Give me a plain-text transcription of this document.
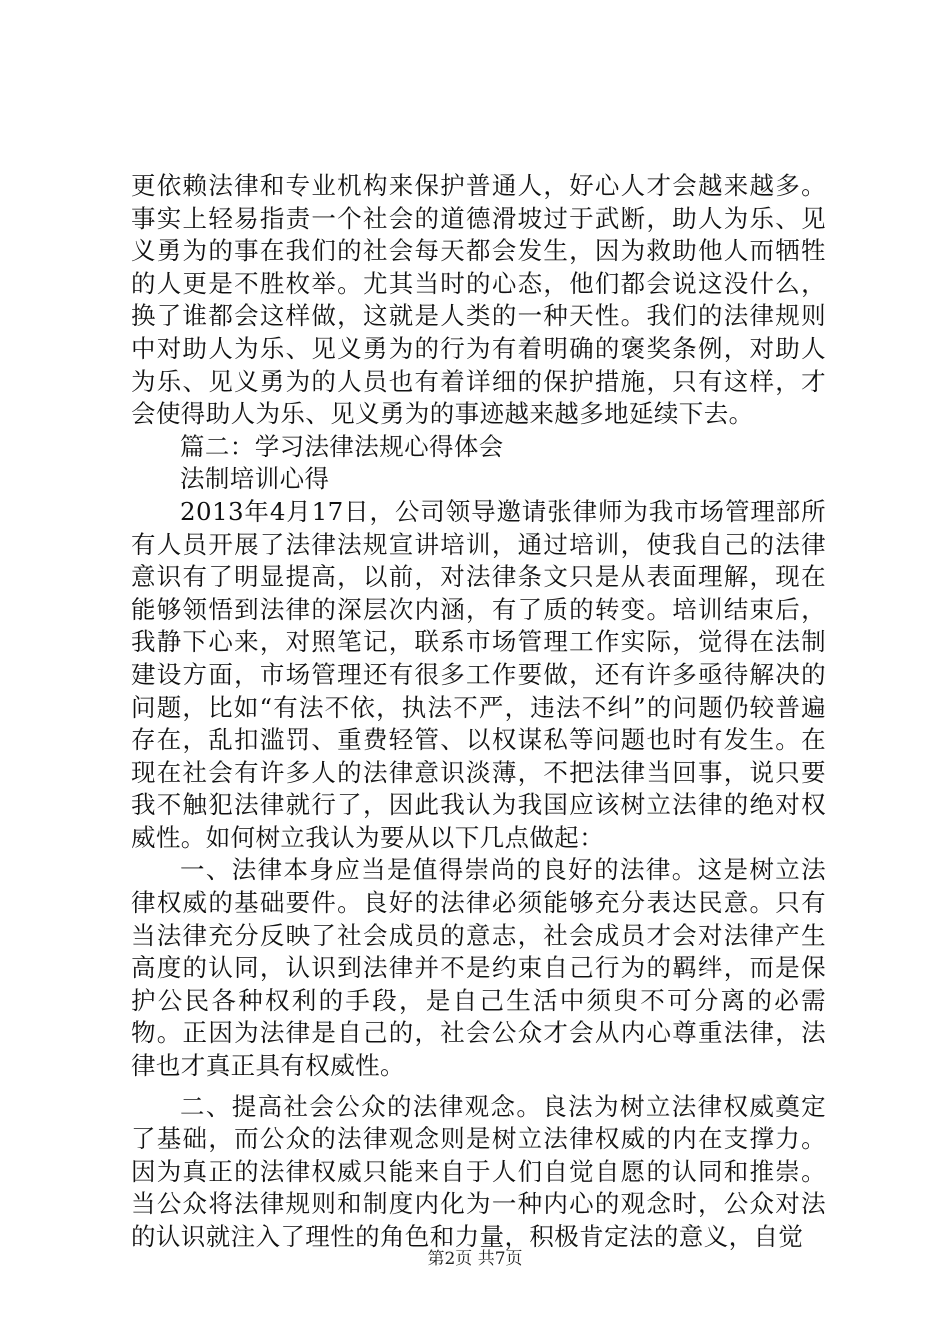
更依赖法律和专业机构来保护普通人，好心人才会越来越多。事实上轻易指责一个社会的道德滑坡过于武断，助人为乐、见义勇为的事在我们的社会每天都会发生，因为救助他人而牺牲的人更是不胜枚举。尤其当时的心态，他们都会说这没什么，换了谁都会这样做，这就是人类的一种天性。我们的法律规则中对助人为乐、见义勇为的行为有着明确的褒奖条例，对助人为乐、见义勇为的人员也有着详细的保护措施，只有这样，才会使得助人为乐、见义勇为的事迹越来越多地延续下去。

篇二：学习法律法规心得体会

法制培训心得

2013年4月17日，公司领导邀请张律师为我市场管理部所有人员开展了法律法规宣讲培训，通过培训，使我自己的法律意识有了明显提高，以前，对法律条文只是从表面理解，现在能够领悟到法律的深层次内涵，有了质的转变。培训结束后，我静下心来，对照笔记，联系市场管理工作实际，觉得在法制建设方面，市场管理还有很多工作要做，还有许多亟待解决的问题，比如“有法不依，执法不严，违法不纠”的问题仍较普遍存在，乱扣滥罚、重费轻管、以权谋私等问题也时有发生。在现在社会有许多人的法律意识淡薄，不把法律当回事，说只要我不触犯法律就行了，因此我认为我国应该树立法律的绝对权威性。如何树立我认为要从以下几点做起：

一、法律本身应当是值得崇尚的良好的法律。这是树立法律权威的基础要件。良好的法律必须能够充分表达民意。只有当法律充分反映了社会成员的意志，社会成员才会对法律产生高度的认同，认识到法律并不是约束自己行为的羁绊，而是保护公民各种权利的手段，是自己生活中须臾不可分离的必需物。正因为法律是自己的，社会公众才会从内心尊重法律，法律也才真正具有权威性。

二、提高社会公众的法律观念。良法为树立法律权威奠定了基础，而公众的法律观念则是树立法律权威的内在支撑力。因为真正的法律权威只能来自于人们自觉自愿的认同和推崇。当公众将法律规则和制度内化为一种内心的观念时，公众对法的认识就注入了理性的角色和力量，积极肯定法的意义，自觉

第2页 共7页
